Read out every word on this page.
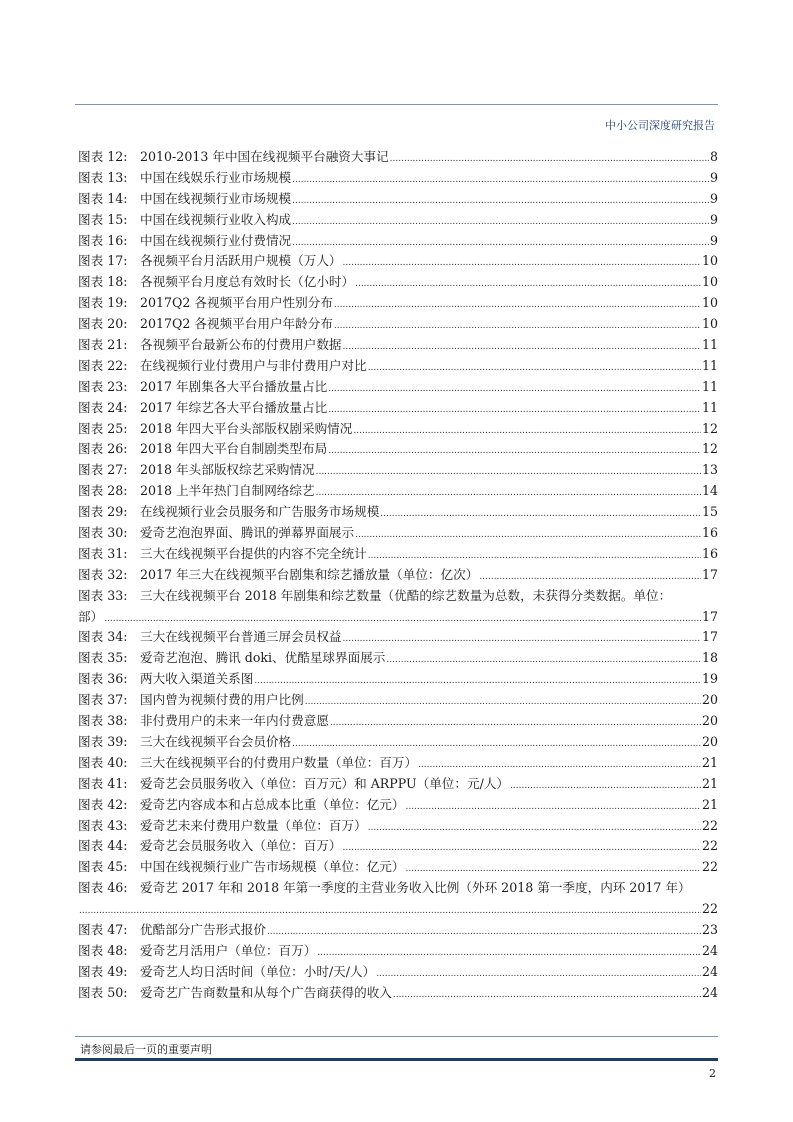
中小公司深度研究报告
图表 12: 2010-2013 年中国在线视频平台融资大事记 .....	8
图表 13: 中国在线娱乐行业市场规模 .....	9
图表 14: 中国在线视频行业市场规模 .....	9
图表 15: 中国在线视频行业收入构成 .....	9
图表 16: 中国在线视频行业付费情况 .....	9
图表 17: 各视频平台月活跃用户规模（万人） .....	10
图表 18: 各视频平台月度总有效时长（亿小时） .....	10
图表 19: 2017Q2 各视频平台用户性别分布 .....	10
图表 20: 2017Q2 各视频平台用户年龄分布 .....	10
图表 21: 各视频平台最新公布的付费用户数据 .....	11
图表 22: 在线视频行业付费用户与非付费用户对比 .....	11
图表 23: 2017 年剧集各大平台播放量占比 .....	11
图表 24: 2017 年综艺各大平台播放量占比 .....	11
图表 25: 2018 年四大平台头部版权剧采购情况 .....	12
图表 26: 2018 年四大平台自制剧类型布局 .....	12
图表 27: 2018 年头部版权综艺采购情况 .....	13
图表 28: 2018 上半年热门自制网络综艺 .....	14
图表 29: 在线视频行业会员服务和广告服务市场规模 .....	15
图表 30: 爱奇艺泡泡界面、腾讯的弹幕界面展示 .....	16
图表 31: 三大在线视频平台提供的内容不完全统计 .....	16
图表 32: 2017 年三大在线视频平台剧集和综艺播放量（单位：亿次） .....	17
图表 33: 三大在线视频平台 2018 年剧集和综艺数量（优酷的综艺数量为总数，未获得分类数据。单位：
部） .....	17
图表 34: 三大在线视频平台普通三屏会员权益 .....	17
图表 35: 爱奇艺泡泡、腾讯 doki、优酷星球界面展示 .....	18
图表 36: 两大收入渠道关系图 .....	19
图表 37: 国内曾为视频付费的用户比例 .....	20
图表 38: 非付费用户的未来一年内付费意愿 .....	20
图表 39: 三大在线视频平台会员价格 .....	20
图表 40: 三大在线视频平台的付费用户数量（单位：百万） .....	21
图表 41: 爱奇艺会员服务收入（单位：百万元）和 ARPPU（单位：元/人） .....	21
图表 42: 爱奇艺内容成本和占总成本比重（单位：亿元） .....	21
图表 43: 爱奇艺未来付费用户数量（单位：百万） .....	22
图表 44: 爱奇艺会员服务收入（单位：百万） .....	22
图表 45: 中国在线视频行业广告市场规模（单位：亿元） .....	22
图表 46: 爱奇艺 2017 年和 2018 年第一季度的主营业务收入比例（外环 2018 第一季度，内环 2017 年）
.....
22
图表 47: 优酷部分广告形式报价 .....	23
图表 48: 爱奇艺月活用户（单位：百万） .....	24
图表 49: 爱奇艺人均日活时间（单位：小时/天/人） .....	24
图表 50: 爱奇艺广告商数量和从每个广告商获得的收入 .....	24
请参阅最后一页的重要声明
2
